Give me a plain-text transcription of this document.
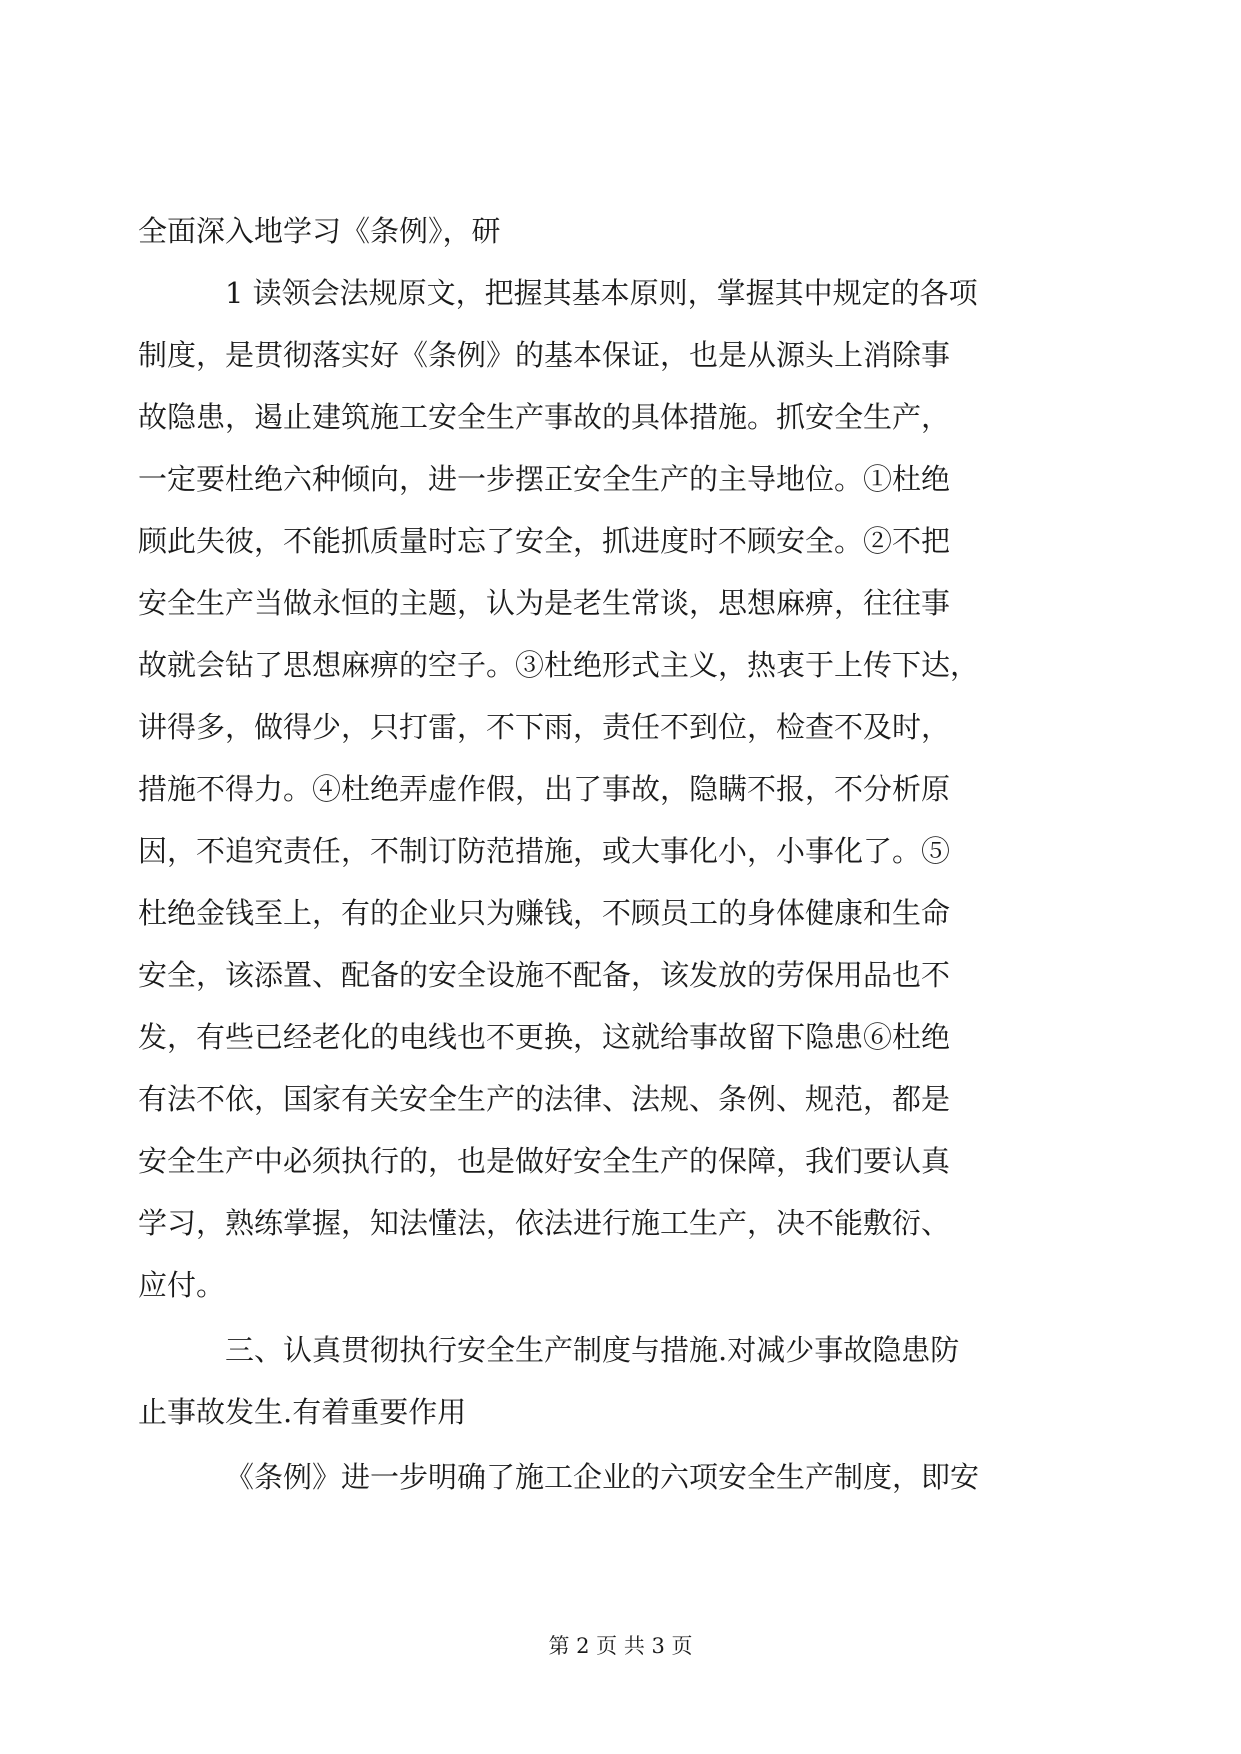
全面深入地学习《条例》，研
1 读领会法规原文，把握其基本原则，掌握其中规定的各项
制度，是贯彻落实好《条例》的基本保证，也是从源头上消除事
故隐患，遏止建筑施工安全生产事故的具体措施。抓安全生产，
一定要杜绝六种倾向，进一步摆正安全生产的主导地位。①杜绝
顾此失彼，不能抓质量时忘了安全，抓进度时不顾安全。②不把
安全生产当做永恒的主题，认为是老生常谈，思想麻痹，往往事
故就会钻了思想麻痹的空子。③杜绝形式主义，热衷于上传下达，
讲得多，做得少，只打雷，不下雨，责任不到位，检查不及时，
措施不得力。④杜绝弄虚作假，出了事故，隐瞒不报，不分析原
因，不追究责任，不制订防范措施，或大事化小，小事化了。⑤
杜绝金钱至上，有的企业只为赚钱，不顾员工的身体健康和生命
安全，该添置、配备的安全设施不配备，该发放的劳保用品也不
发，有些已经老化的电线也不更换，这就给事故留下隐患⑥杜绝
有法不依，国家有关安全生产的法律、法规、条例、规范，都是
安全生产中必须执行的，也是做好安全生产的保障，我们要认真
学习，熟练掌握，知法懂法，依法进行施工生产，决不能敷衍、
应付。
三、认真贯彻执行安全生产制度与措施.对减少事故隐患防
止事故发生.有着重要作用
《条例》进一步明确了施工企业的六项安全生产制度，即安
第 2 页 共 3 页
